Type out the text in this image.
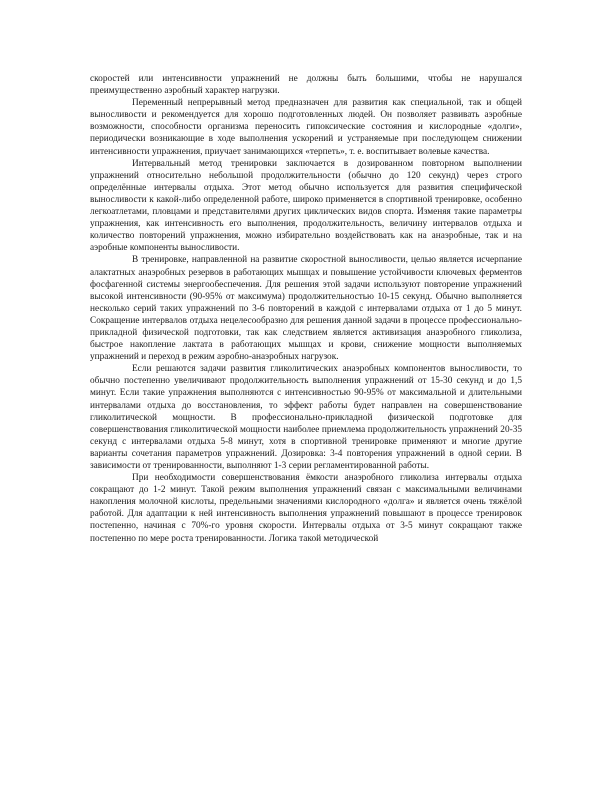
скоростей или интенсивности упражнений не должны быть большими, чтобы не нарушался преимущественно аэробный характер нагрузки.

Переменный непрерывный метод предназначен для развития как специальной, так и общей выносливости и рекомендуется для хорошо подготовленных людей. Он позволяет развивать аэробные возможности, способности организма переносить гипоксические состояния и кислородные «долги», периодически возникающие в ходе выполнения ускорений и устраняемые при последующем снижении интенсивности упражнения, приучает занимающихся «терпеть», т. е. воспитывает волевые качества.

Интервальный метод тренировки заключается в дозированном повторном выполнении упражнений относительно небольшой продолжительности (обычно до 120 секунд) через строго определённые интервалы отдыха. Этот метод обычно используется для развития специфической выносливости к какой-либо определенной работе, широко применяется в спортивной тренировке, особенно легкоатлетами, пловцами и представителями других циклических видов спорта. Изменяя такие параметры упражнения, как интенсивность его выполнения, продолжительность, величину интервалов отдыха и количество повторений упражнения, можно избирательно воздействовать как на анаэробные, так и на аэробные компоненты выносливости.

В тренировке, направленной на развитие скоростной выносливости, целью является исчерпание алактатных анаэробных резервов в работающих мышцах и повышение устойчивости ключевых ферментов фосфагенной системы энергообеспечения. Для решения этой задачи используют повторение упражнений высокой интенсивности (90-95% от максимума) продолжительностью 10-15 секунд. Обычно выполняется несколько серий таких упражнений по 3-6 повторений в каждой с интервалами отдыха от 1 до 5 минут. Сокращение интервалов отдыха нецелесообразно для решения данной задачи в процессе профессионально-прикладной физической подготовки, так как следствием является активизация анаэробного гликолиза, быстрое накопление лактата в работающих мышцах и крови, снижение мощности выполняемых упражнений и переход в режим аэробно-анаэробных нагрузок.

Если решаются задачи развития гликолитических анаэробных компонентов выносливости, то обычно постепенно увеличивают продолжительность выполнения упражнений от 15-30 секунд и до 1,5 минут. Если такие упражнения выполняются с интенсивностью 90-95% от максимальной и длительными интервалами отдыха до восстановления, то эффект работы будет направлен на совершенствование гликолитической мощности. В профессионально-прикладной физической подготовке для совершенствования гликолитической мощности наиболее приемлема продолжительность упражнений 20-35 секунд с интервалами отдыха 5-8 минут, хотя в спортивной тренировке применяют и многие другие варианты сочетания параметров упражнений. Дозировка: 3-4 повторения упражнений в одной серии. В зависимости от тренированности, выполняют 1-3 серии регламентированной работы.

При необходимости совершенствования ёмкости анаэробного гликолиза интервалы отдыха сокращают до 1-2 минут. Такой режим выполнения упражнений связан с максимальными величинами накопления молочной кислоты, предельными значениями кислородного «долга» и является очень тяжёлой работой. Для адаптации к ней интенсивность выполнения упражнений повышают в процессе тренировок постепенно, начиная с 70%-го уровня скорости. Интервалы отдыха от 3-5 минут сокращают также постепенно по мере роста тренированности. Логика такой методической
